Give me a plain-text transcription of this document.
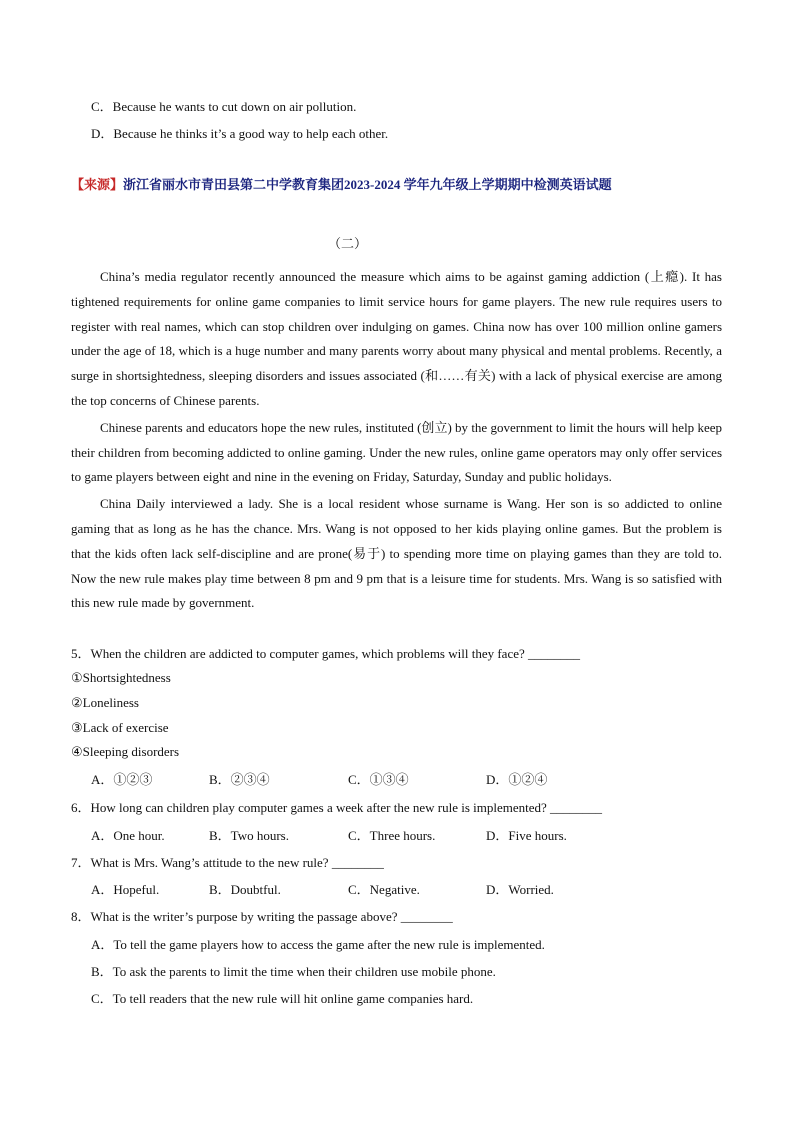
C．Because he wants to cut down on air pollution.
D．Because he thinks it’s a good way to help each other.
【来源】浙江省丽水市青田县第二中学教育集团2023-2024 学年九年级上学期期中检测英语试题
（二）

China’s media regulator recently announced the measure which aims to be against gaming addiction (上瘾). It has tightened requirements for online game companies to limit service hours for game players. The new rule requires users to register with real names, which can stop children over indulging on games. China now has over 100 million online gamers under the age of 18, which is a huge number and many parents worry about many physical and mental problems. Recently, a surge in shortsightedness, sleeping disorders and issues associated (和……有关) with a lack of physical exercise are among the top concerns of Chinese parents.

Chinese parents and educators hope the new rules, instituted (创立) by the government to limit the hours will help keep their children from becoming addicted to online gaming. Under the new rules, online game operators may only offer services to game players between eight and nine in the evening on Friday, Saturday, Sunday and public holidays.

China Daily interviewed a lady. She is a local resident whose surname is Wang. Her son is so addicted to online gaming that as long as he has the chance. Mrs. Wang is not opposed to her kids playing online games. But the problem is that the kids often lack self-discipline and are prone(易于) to spending more time on playing games than they are told to. Now the new rule makes play time between 8 pm and 9 pm that is a leisure time for students. Mrs. Wang is so satisfied with this new rule made by government.

5．When the children are addicted to computer games, which problems will they face? ________
①Shortsightedness
②Loneliness
③Lack of exercise
④Sleeping disorders
A．①②③	B．②③④	C．①③④	D．①②④
6．How long can children play computer games a week after the new rule is implemented? ________
A．One hour.	B．Two hours.	C．Three hours.	D．Five hours.
7．What is Mrs. Wang’s attitude to the new rule? ________
A．Hopeful.	B．Doubtful.	C．Negative.	D．Worried.
8．What is the writer’s purpose by writing the passage above? ________
A．To tell the game players how to access the game after the new rule is implemented.
B．To ask the parents to limit the time when their children use mobile phone.
C．To tell readers that the new rule will hit online game companies hard.
